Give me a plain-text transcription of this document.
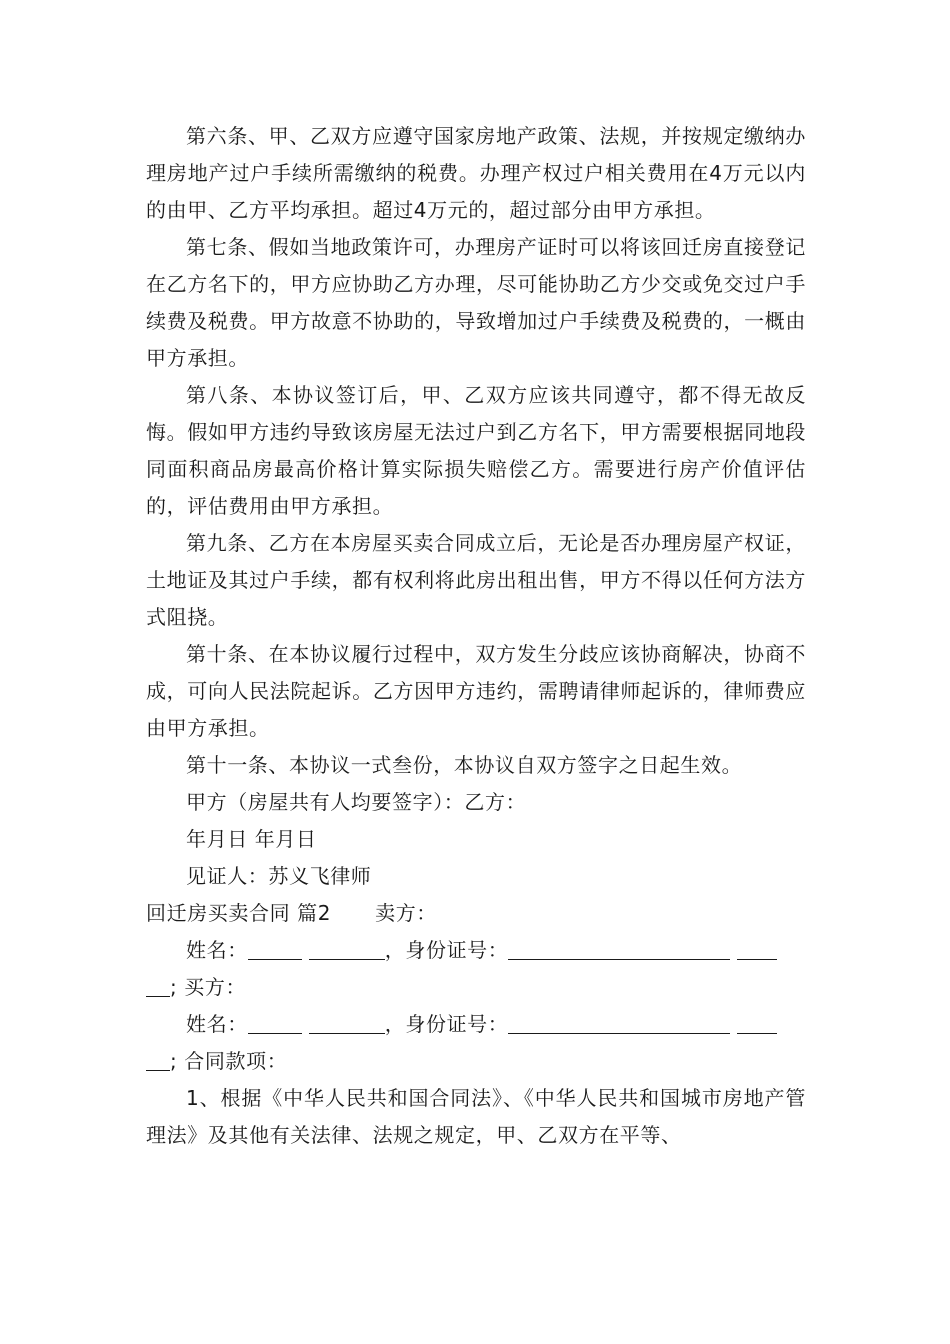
第六条、甲、乙双方应遵守国家房地产政策、法规，并按规定缴纳办理房地产过户手续所需缴纳的税费。办理产权过户相关费用在4万元以内的由甲、乙方平均承担。超过4万元的，超过部分由甲方承担。

第七条、假如当地政策许可，办理房产证时可以将该回迁房直接登记在乙方名下的，甲方应协助乙方办理，尽可能协助乙方少交或免交过户手续费及税费。甲方故意不协助的，导致增加过户手续费及税费的，一概由甲方承担。

第八条、本协议签订后，甲、乙双方应该共同遵守，都不得无故反悔。假如甲方违约导致该房屋无法过户到乙方名下，甲方需要根据同地段同面积商品房最高价格计算实际损失赔偿乙方。需要进行房产价值评估的，评估费用由甲方承担。

第九条、乙方在本房屋买卖合同成立后，无论是否办理房屋产权证，土地证及其过户手续，都有权利将此房出租出售，甲方不得以任何方法方式阻挠。

第十条、在本协议履行过程中，双方发生分歧应该协商解决，协商不成，可向人民法院起诉。乙方因甲方违约，需聘请律师起诉的，律师费应由甲方承担。

第十一条、本协议一式叁份，本协议自双方签字之日起生效。

甲方（房屋共有人均要签字）：乙方：

年月日 年月日

见证人：苏义飞律师

回迁房买卖合同 篇2 卖方：

姓名：	，身份证号：

; 买方：

姓名：	，身份证号：

; 合同款项：

1、根据《中华人民共和国合同法》、《中华人民共和国城市房地产管理法》及其他有关法律、法规之规定，甲、乙双方在平等、
